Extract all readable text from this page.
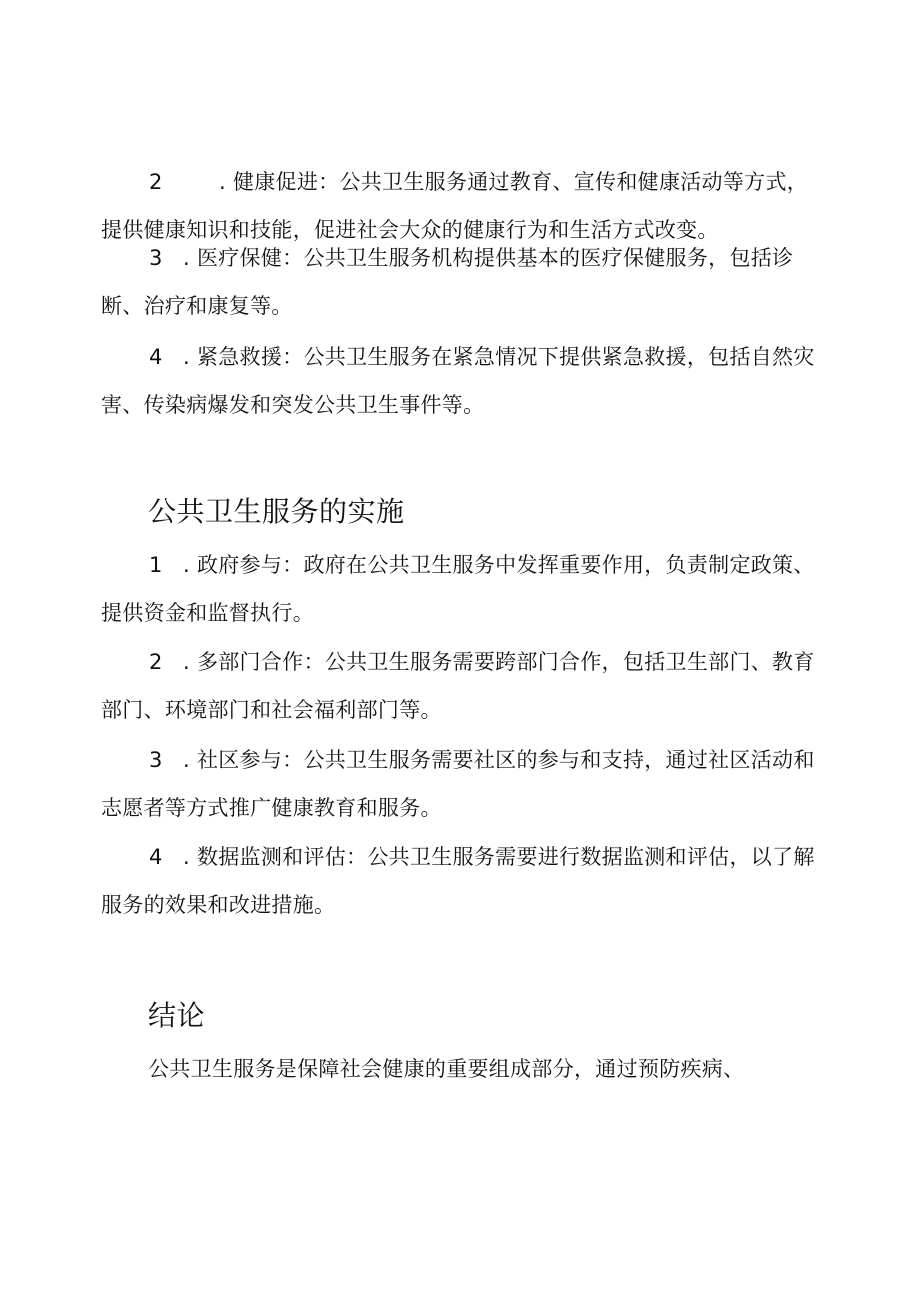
2	. 健康促进：公共卫生服务通过教育、宣传和健康活动等方式，提供健康知识和技能，促进社会大众的健康行为和生活方式改变。

3 . 医疗保健：公共卫生服务机构提供基本的医疗保健服务，包括诊断、治疗和康复等。

4 . 紧急救援：公共卫生服务在紧急情况下提供紧急救援，包括自然灾害、传染病爆发和突发公共卫生事件等。

公共卫生服务的实施

1 . 政府参与：政府在公共卫生服务中发挥重要作用，负责制定政策、提供资金和监督执行。

2 . 多部门合作：公共卫生服务需要跨部门合作，包括卫生部门、教育部门、环境部门和社会福利部门等。

3 . 社区参与：公共卫生服务需要社区的参与和支持，通过社区活动和志愿者等方式推广健康教育和服务。

4 . 数据监测和评估：公共卫生服务需要进行数据监测和评估，以了解服务的效果和改进措施。

结论

公共卫生服务是保障社会健康的重要组成部分，通过预防疾病、
